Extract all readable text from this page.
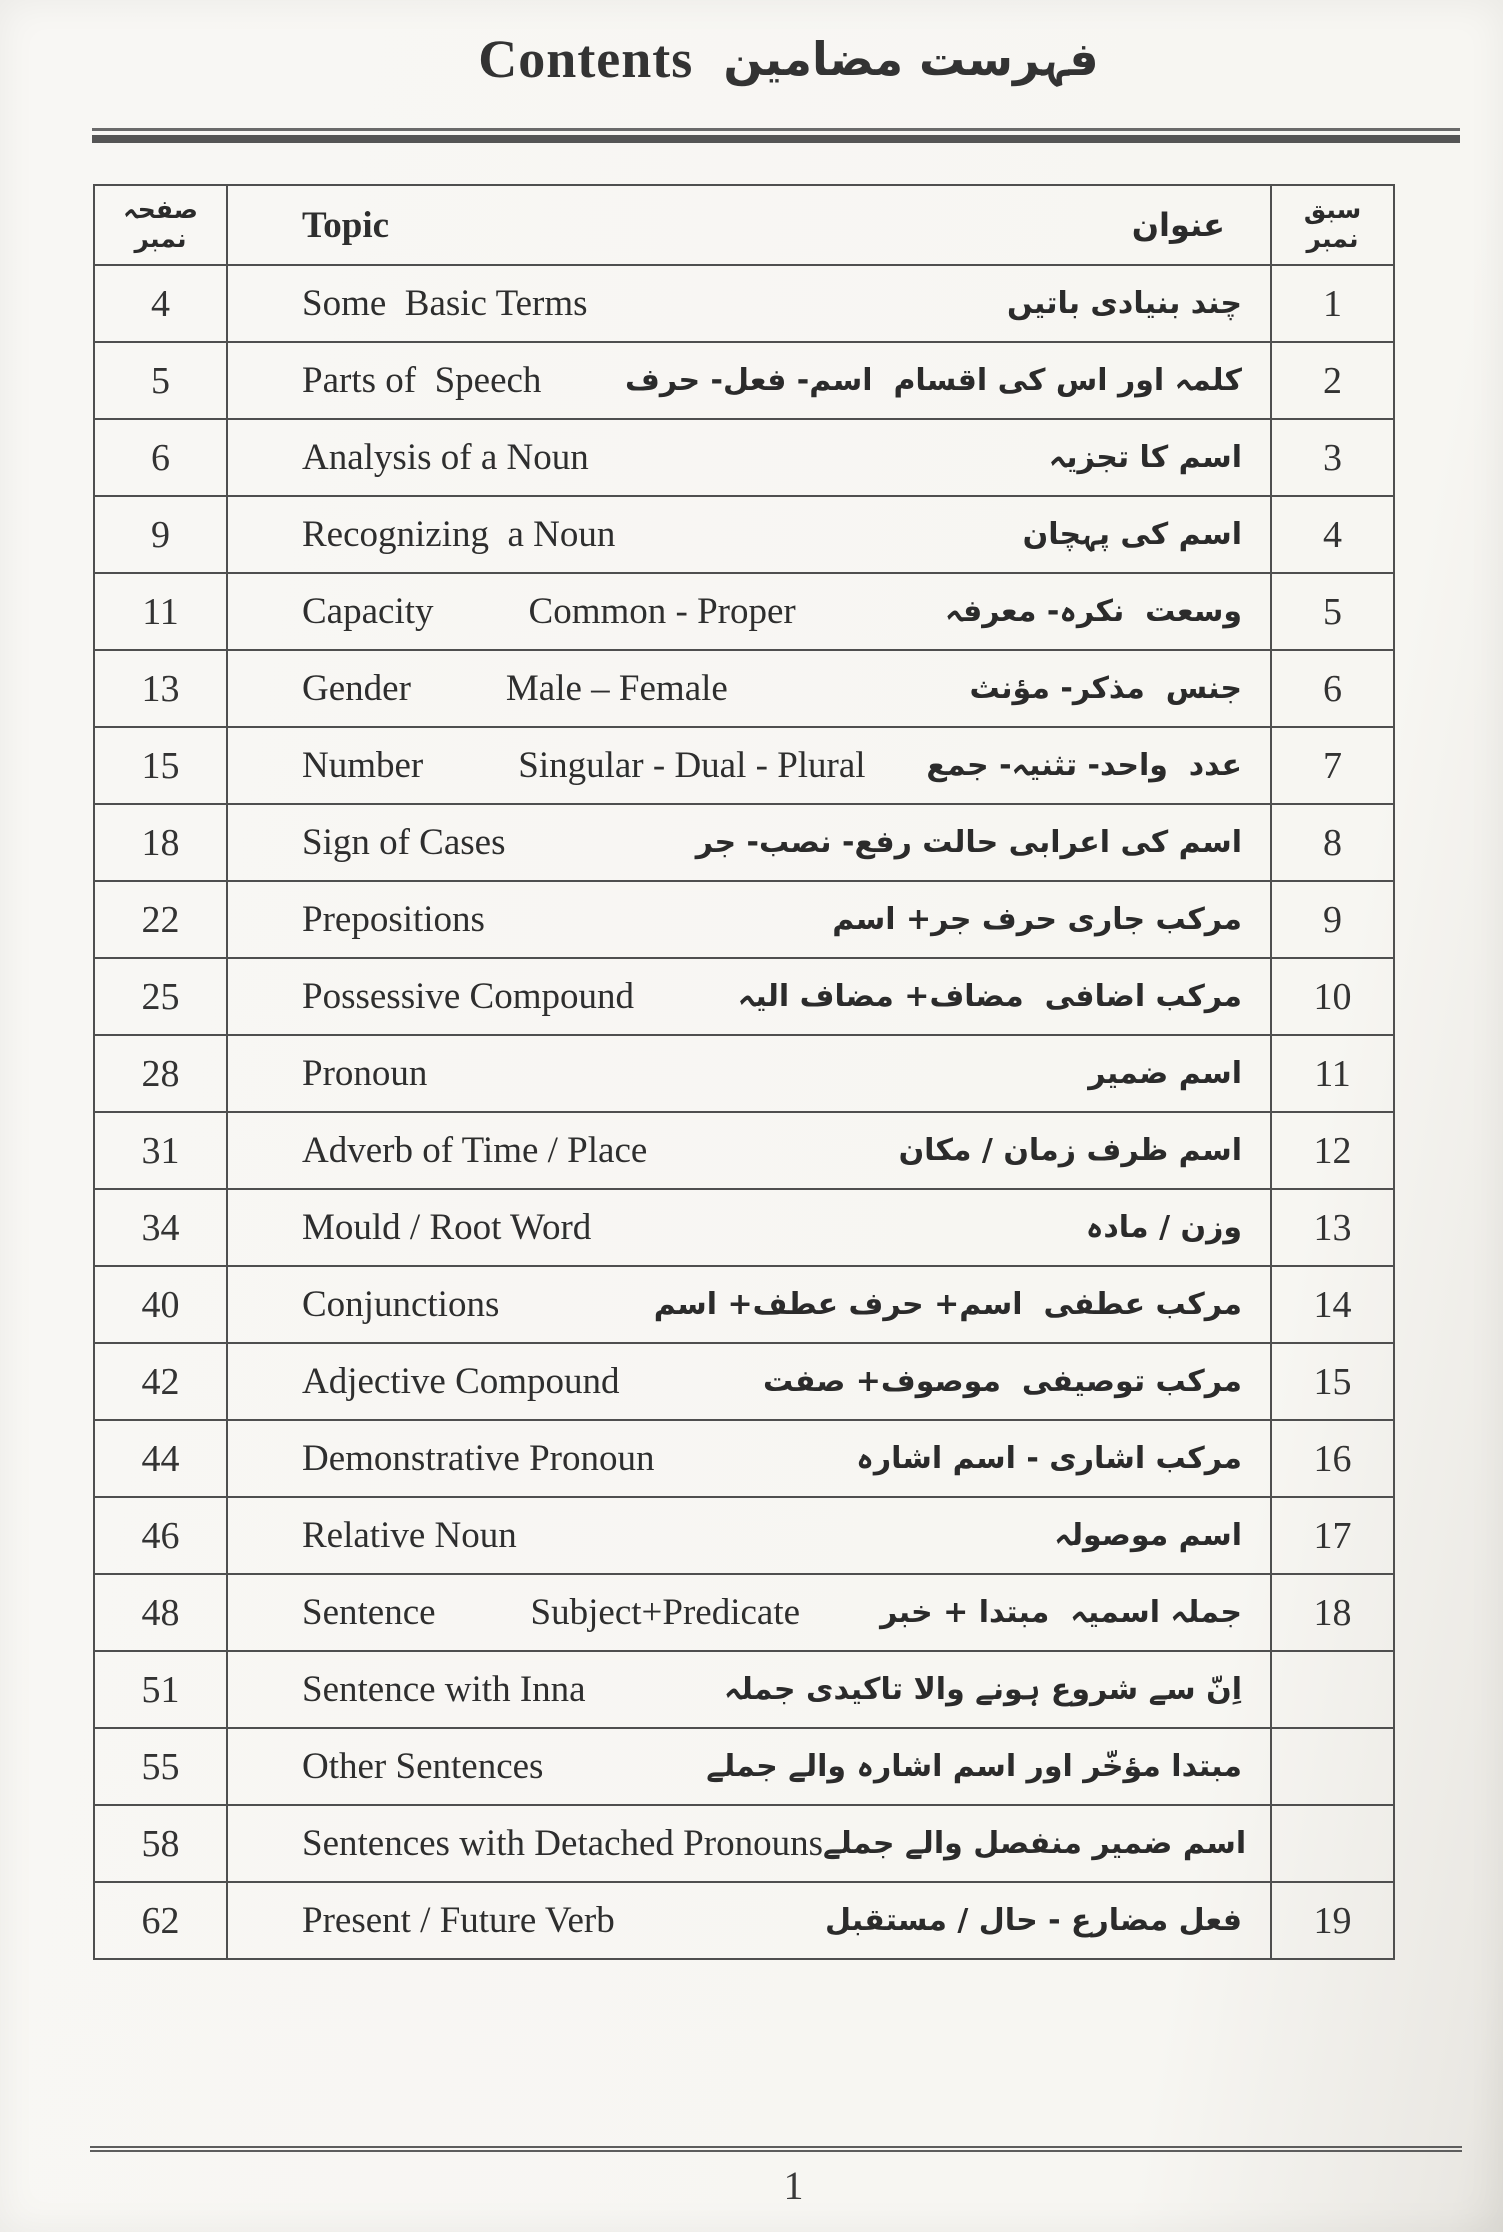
Contents فہرست مضامین
صفحہ نمبر	Topic	عنوان	سبق نمبر
4	Some  Basic Terms	چند بنیادی باتیں	1
5	Parts of  Speech	کلمہ اور اس کی اقسام  اسم- فعل- حرف	2
6	Analysis of a Noun	اسم کا تجزیہ	3
9	Recognizing  a Noun	اسم کی پہچان	4
11	Capacity	Common - Proper	وسعت  نکرہ- معرفہ	5
13	Gender	Male – Female	جنس  مذکر- مؤنث	6
15	Number	Singular - Dual - Plural عدد  واحد- تثنیہ- جمع	7
18	Sign of Cases	اسم کی اعرابی حالت رفع- نصب- جر	8
22	Prepositions	مرکب جاری حرف جر+ اسم	9
25	Possessive Compound	مرکب اضافی  مضاف+ مضاف الیہ	10
28	Pronoun	اسم ضمیر	11
31	Adverb of Time / Place	اسم ظرف زمان / مکان	12
34	Mould / Root Word	وزن / مادہ	13
40	Conjunctions	مرکب عطفی  اسم+ حرف عطف+ اسم	14
42	Adjective Compound	مرکب توصیفی  موصوف+ صفت	15
44	Demonstrative Pronoun	مرکب اشاری - اسم اشارہ	16
46	Relative Noun	اسم موصولہ	17
48	Sentence	Subject+Predicate	جملہ اسمیہ  مبتدا + خبر	18
51	Sentence with Inna	اِنّ سے شروع ہونے والا تاکیدی جملہ
55	Other Sentences	مبتدا مؤخّر اور اسم اشارہ والے جملے
58	Sentences with Detached Pronouns اسم ضمیر منفصل والے جملے
62	Present / Future Verb	فعل مضارع - حال / مستقبل	19
1
